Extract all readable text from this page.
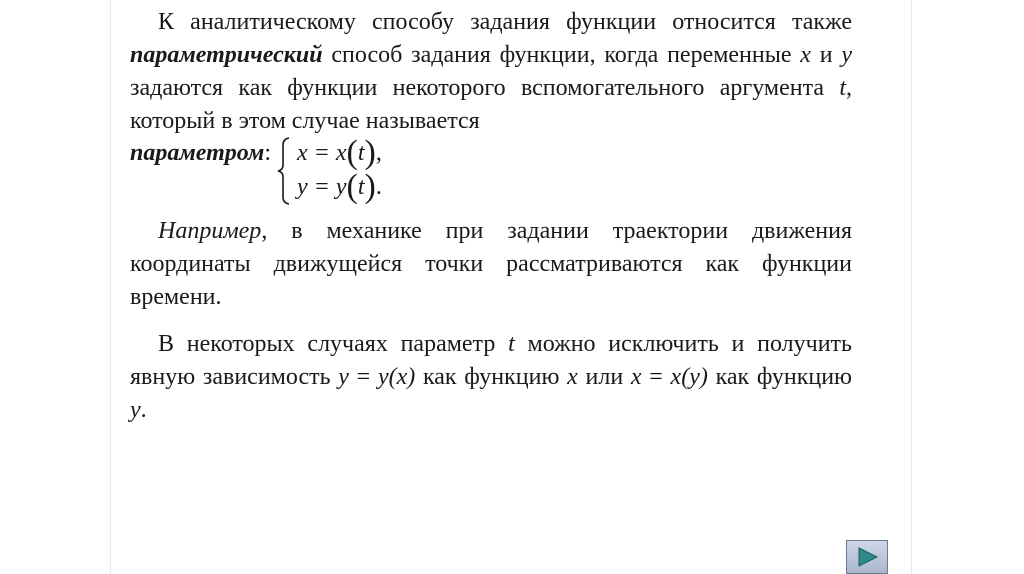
К аналитическому способу задания функции относится также параметрический способ задания функции, когда переменные x и y задаются как функции некоторого вспомогательного аргумента t, который в этом случае называется

параметром: x = x(t),
y = y(t).

Например, в механике при задании траектории движения координаты движущейся точки рассматриваются как функции времени.

В некоторых случаях параметр t можно исключить и получить явную зависимость y = y(x) как функцию x или x = x(y) как функцию y.
